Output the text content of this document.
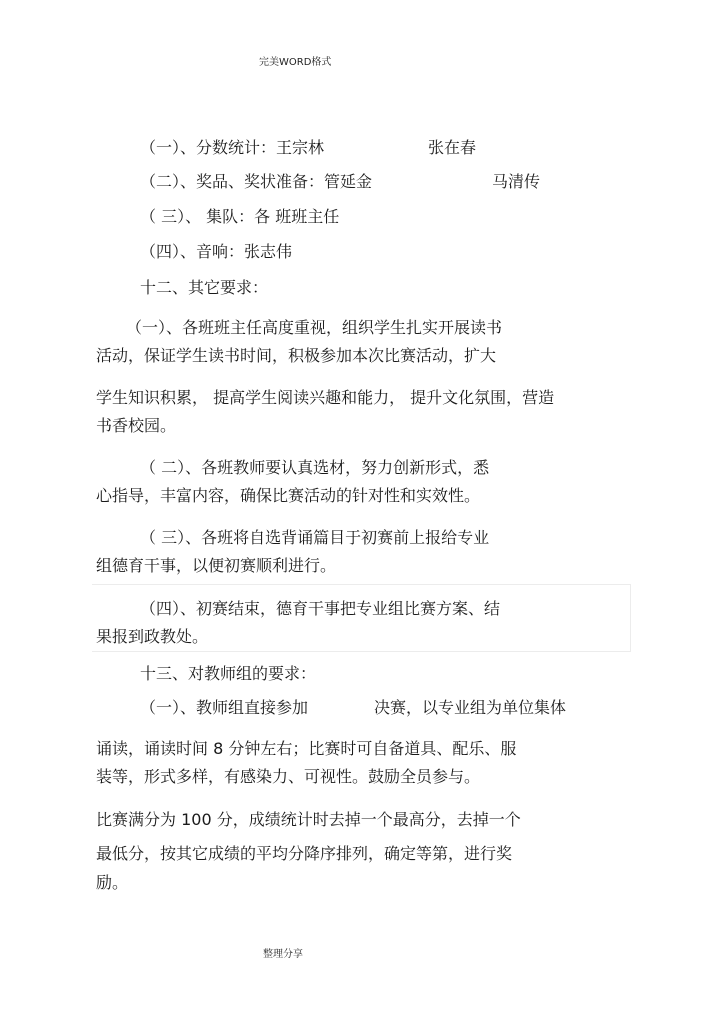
完美WORD格式
（一）、分数统计：王宗林	张在春
（二）、奖品、奖状准备：管延金	马清传
（ 三）、 集队：各 班班主任
（四）、音响：张志伟
十二、其它要求：
（一）、各班班主任高度重视，组织学生扎实开展读书
活动，保证学生读书时间，积极参加本次比赛活动，扩大
学生知识积累， 提高学生阅读兴趣和能力， 提升文化氛围，营造
书香校园。
（ 二）、各班教师要认真选材，努力创新形式，悉
心指导，丰富内容，确保比赛活动的针对性和实效性。
（ 三）、各班将自选背诵篇目于初赛前上报给专业
组德育干事，以便初赛顺利进行。
（四）、初赛结束，德育干事把专业组比赛方案、结
果报到政教处。
十三、对教师组的要求：
（一）、教师组直接参加	决赛，以专业组为单位集体
诵读，诵读时间 8 分钟左右；比赛时可自备道具、配乐、服
装等，形式多样，有感染力、可视性。鼓励全员参与。
比赛满分为 100 分，成绩统计时去掉一个最高分，去掉一个
最低分，按其它成绩的平均分降序排列，确定等第，进行奖
励。
整理分享
